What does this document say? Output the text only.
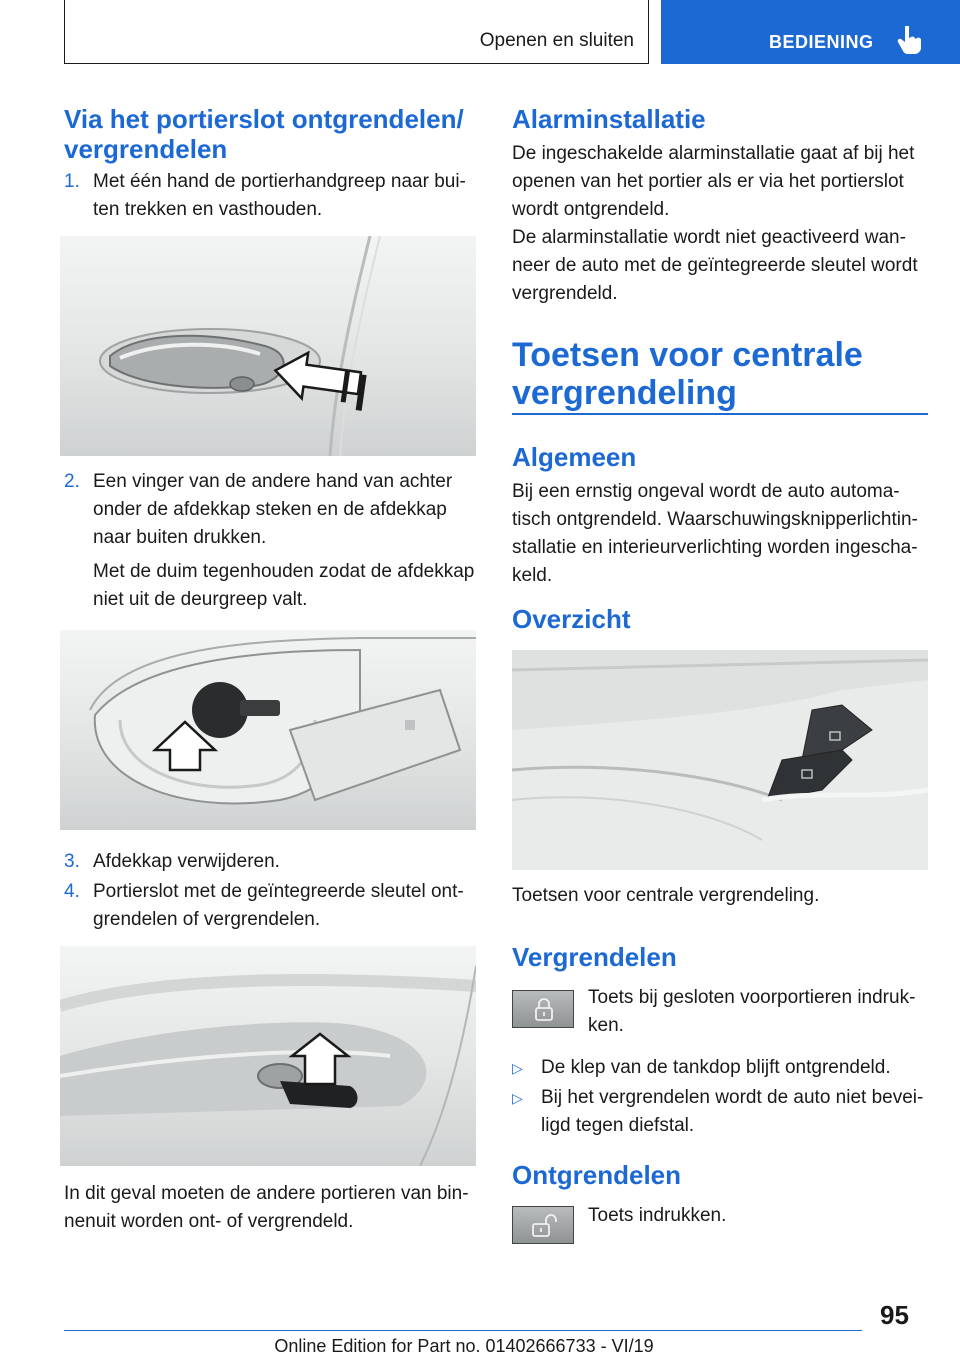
Openen en sluiten	BEDIENING
Via het portierslot ontgrendelen/
vergrendelen
1. Met één hand de portierhandgreep naar bui-
ten trekken en vasthouden.
2. Een vinger van de andere hand van achter
onder de afdekkap steken en de afdekkap
naar buiten drukken.
Met de duim tegenhouden zodat de afdekkap
niet uit de deurgreep valt.
3. Afdekkap verwijderen.
4. Portierslot met de geïntegreerde sleutel ont-
grendelen of vergrendelen.
In dit geval moeten de andere portieren van bin-
nenuit worden ont- of vergrendeld.
Alarminstallatie
De ingeschakelde alarminstallatie gaat af bij het
openen van het portier als er via het portierslot
wordt ontgrendeld.
De alarminstallatie wordt niet geactiveerd wan-
neer de auto met de geïntegreerde sleutel wordt
vergrendeld.
Toetsen voor centrale
vergrendeling
Algemeen
Bij een ernstig ongeval wordt de auto automa-
tisch ontgrendeld. Waarschuwingsknipperlichtin-
stallatie en interieurverlichting worden ingescha-
keld.
Overzicht
Toetsen voor centrale vergrendeling.
Vergrendelen
Toets bij gesloten voorportieren indruk-
ken.
▷ De klep van de tankdop blijft ontgrendeld.
▷ Bij het vergrendelen wordt de auto niet bevei-
ligd tegen diefstal.
Ontgrendelen
Toets indrukken.
95
Online Edition for Part no. 01402666733 - VI/19
